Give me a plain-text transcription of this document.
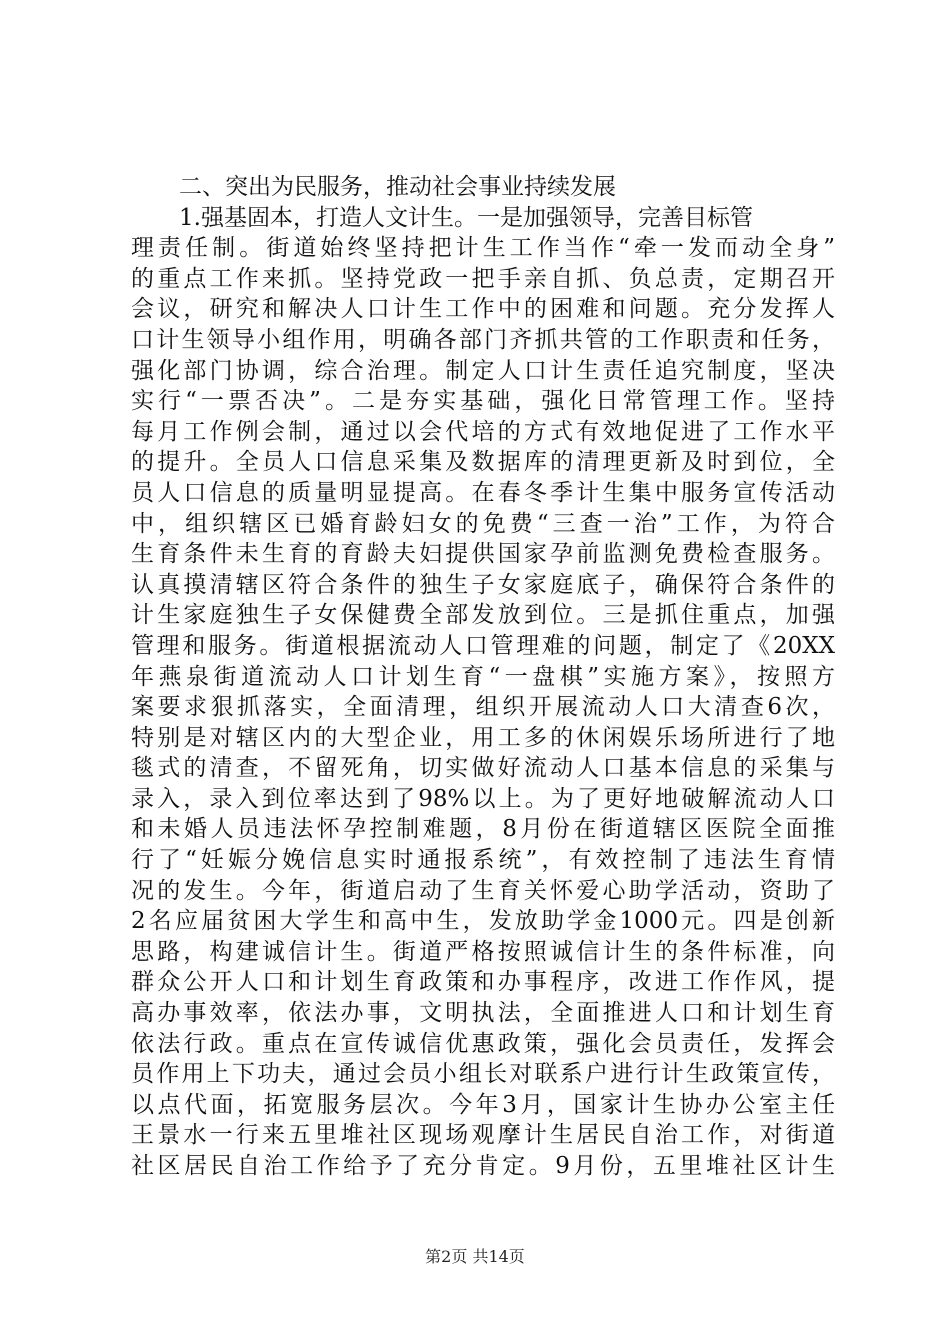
二、突出为民服务，推动社会事业持续发展
1.强基固本，打造人文计生。一是加强领导，完善目标管
理责任制。街道始终坚持把计生工作当作“牵一发而动全身”
的重点工作来抓。坚持党政一把手亲自抓、负总责，定期召开
会议，研究和解决人口计生工作中的困难和问题。充分发挥人
口计生领导小组作用，明确各部门齐抓共管的工作职责和任务，
强化部门协调，综合治理。制定人口计生责任追究制度，坚决
实行“一票否决”。二是夯实基础，强化日常管理工作。坚持
每月工作例会制，通过以会代培的方式有效地促进了工作水平
的提升。全员人口信息采集及数据库的清理更新及时到位，全
员人口信息的质量明显提高。在春冬季计生集中服务宣传活动
中，组织辖区已婚育龄妇女的免费“三查一治”工作，为符合
生育条件未生育的育龄夫妇提供国家孕前监测免费检查服务。
认真摸清辖区符合条件的独生子女家庭底子，确保符合条件的
计生家庭独生子女保健费全部发放到位。三是抓住重点，加强
管理和服务。街道根据流动人口管理难的问题，制定了《20XX
年燕泉街道流动人口计划生育“一盘棋”实施方案》，按照方
案要求狠抓落实，全面清理，组织开展流动人口大清查6次，
特别是对辖区内的大型企业，用工多的休闲娱乐场所进行了地
毯式的清查，不留死角，切实做好流动人口基本信息的采集与
录入，录入到位率达到了98%以上。为了更好地破解流动人口
和未婚人员违法怀孕控制难题，8月份在街道辖区医院全面推
行了“妊娠分娩信息实时通报系统”，有效控制了违法生育情
况的发生。今年，街道启动了生育关怀爱心助学活动，资助了
2名应届贫困大学生和高中生，发放助学金1000元。四是创新
思路，构建诚信计生。街道严格按照诚信计生的条件标准，向
群众公开人口和计划生育政策和办事程序，改进工作作风，提
高办事效率，依法办事，文明执法，全面推进人口和计划生育
依法行政。重点在宣传诚信优惠政策，强化会员责任，发挥会
员作用上下功夫，通过会员小组长对联系户进行计生政策宣传，
以点代面，拓宽服务层次。今年3月，国家计生协办公室主任
王景水一行来五里堆社区现场观摩计生居民自治工作，对街道
社区居民自治工作给予了充分肯定。9月份，五里堆社区计生
第2页 共14页
